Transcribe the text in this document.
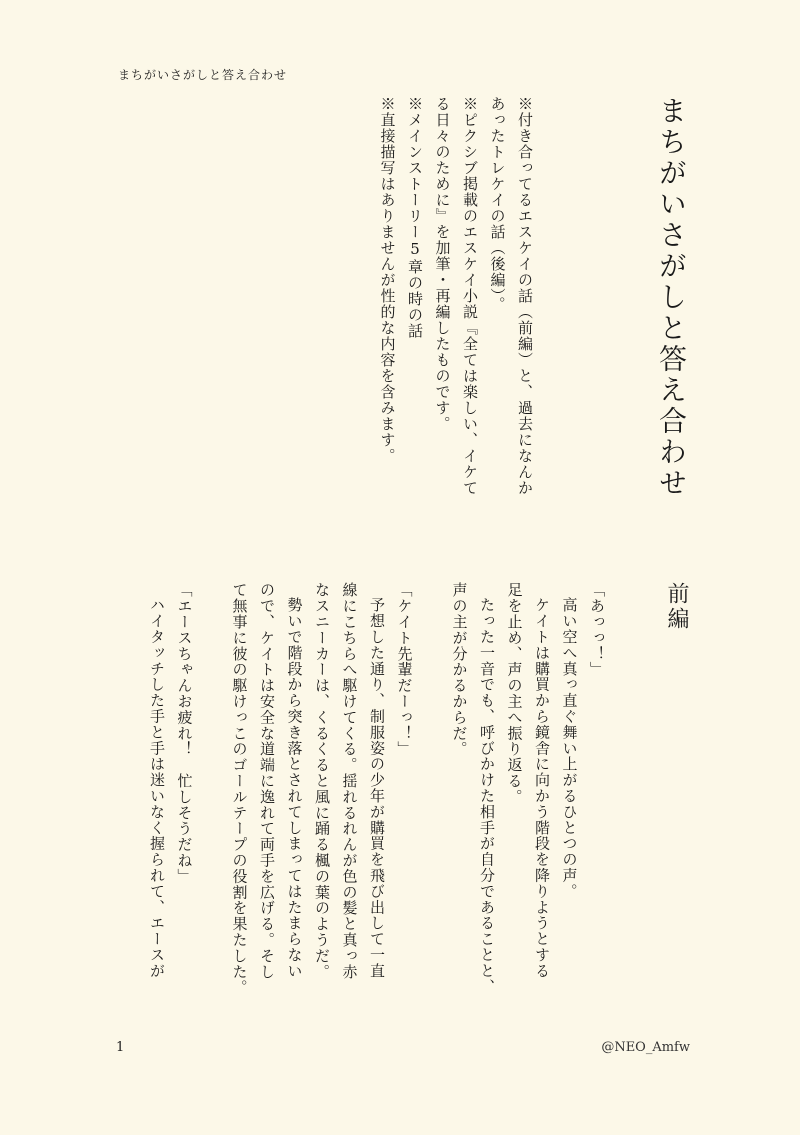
まちがいさがしと答え合わせ
まちがいさがしと答え合わせ

※付き合ってるエスケイの話（前編）と、過去になんか

あったトレケイの話（後編）。

※ピクシブ掲載のエスケイ小説『全ては楽しい、イケて

る日々のために』を加筆・再編したものです。

※メインストーリー5章の時の話

※直接描写はありませんが性的な内容を含みます。

前編

「あっっ！」

高い空へ真っ直ぐ舞い上がるひとつの声。

ケイトは購買から鏡舎に向かう階段を降りようとする

足を止め、声の主へ振り返る。

たった一音でも、呼びかけた相手が自分であることと、

声の主が分かるからだ。

「ケイト先輩だーっ！」

予想した通り、制服姿の少年が購買を飛び出して一直

線にこちらへ駆けてくる。揺れるれんが色の髪と真っ赤

なスニーカーは、くるくると風に踊る楓の葉のようだ。

勢いで階段から突き落とされてしまってはたまらない

ので、ケイトは安全な道端に逸れて両手を広げる。そし

て無事に彼の駆けっこのゴールテープの役割を果たした。

「エースちゃんお疲れ！　忙しそうだね」

ハイタッチした手と手は迷いなく握られて、エースが

1	@NEO_Amfw
